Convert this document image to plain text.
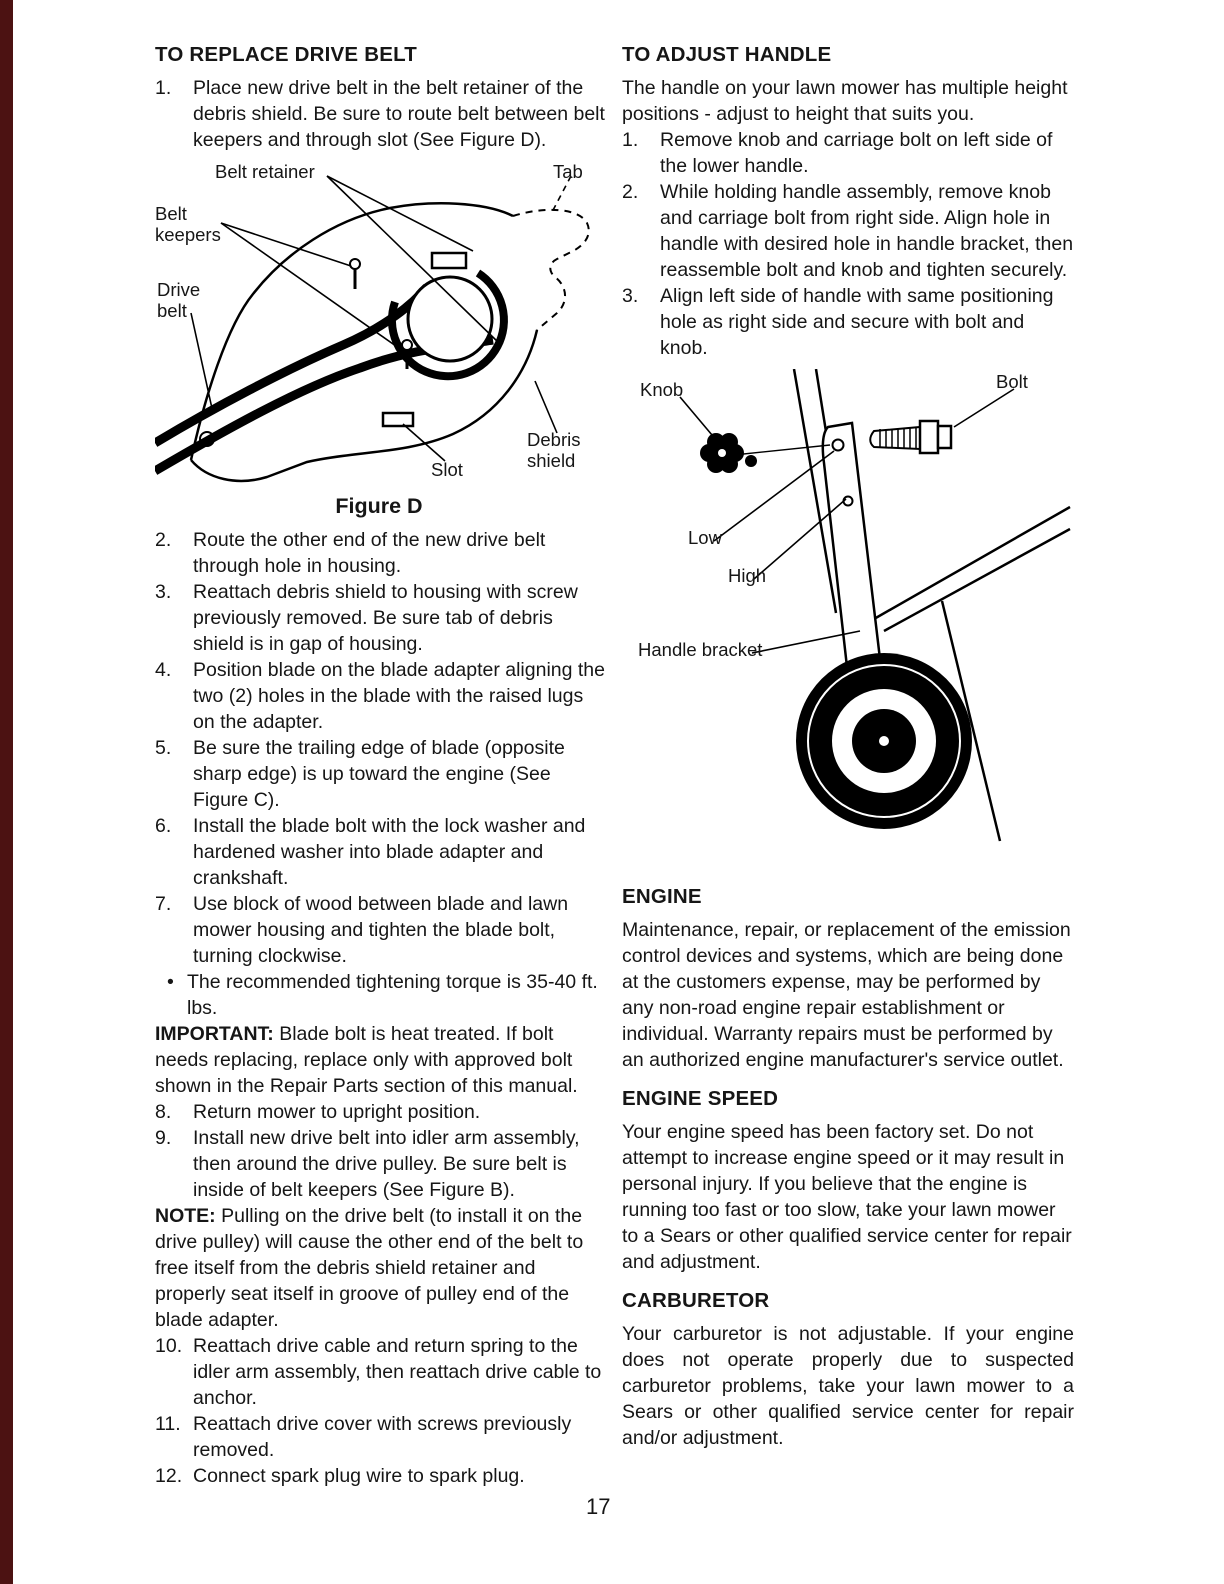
TO REPLACE DRIVE BELT
1.	Place new drive belt in the belt retainer of the debris shield. Be sure to route belt between belt keepers and through slot (See Figure D).
Belt retainer	Tab
Belt keepers
Drive belt
Slot
Debris shield
Figure D
2.	Route the other end of the new drive belt through hole in housing.
3.	Reattach debris shield to housing with screw previously removed. Be sure tab of debris shield is in gap of housing.
4.	Position blade on the blade adapter aligning the two (2) holes in the blade with the raised lugs on the adapter.
5.	Be sure the trailing edge of blade (opposite sharp edge) is up toward the engine (See Figure C).
6.	Install the blade bolt with the lock washer and hardened washer into blade adapter and crankshaft.
7.	Use block of wood between blade and lawn mower housing and tighten the blade bolt, turning clockwise.
• The recommended tightening torque is 35-40 ft. lbs.

IMPORTANT: Blade bolt is heat treated. If bolt needs replacing, replace only with approved bolt shown in the Repair Parts section of this manual.

8.	Return mower to upright position.
9.	Install new drive belt into idler arm assembly, then around the drive pulley. Be sure belt is inside of belt keepers (See Figure B).

NOTE: Pulling on the drive belt (to install it on the drive pulley) will cause the other end of the belt to free itself from the debris shield retainer and properly seat itself in groove of pulley end of the blade adapter.

10. Reattach drive cable and return spring to the idler arm assembly, then reattach drive cable to anchor.
11. Reattach drive cover with screws previously removed.
12. Connect spark plug wire to spark plug.
TO ADJUST HANDLE

The handle on your lawn mower has multiple height positions - adjust to height that suits you.

1.	Remove knob and carriage bolt on left side of the lower handle.
2.	While holding handle assembly, remove knob and carriage bolt from right side. Align hole in handle with desired hole in handle bracket, then reassemble bolt and knob and tighten securely.
3.	Align left side of handle with same positioning hole as right side and secure with bolt and knob.
Knob	Bolt
Low
High
Handle bracket
ENGINE

Maintenance, repair, or replacement of the emission control devices and systems, which are being done at the customers expense, may be performed by any non-road engine repair establishment or individual. Warranty repairs must be performed by an authorized engine manufacturer's service outlet.

ENGINE SPEED

Your engine speed has been factory set. Do not attempt to increase engine speed or it may result in personal injury. If you believe that the engine is running too fast or too slow, take your lawn mower to a Sears or other qualified service center for repair and adjustment.

CARBURETOR

Your carburetor is not adjustable. If your engine does not operate properly due to suspected carburetor problems, take your lawn mower to a Sears or other qualified service center for repair and/or adjustment.

17
